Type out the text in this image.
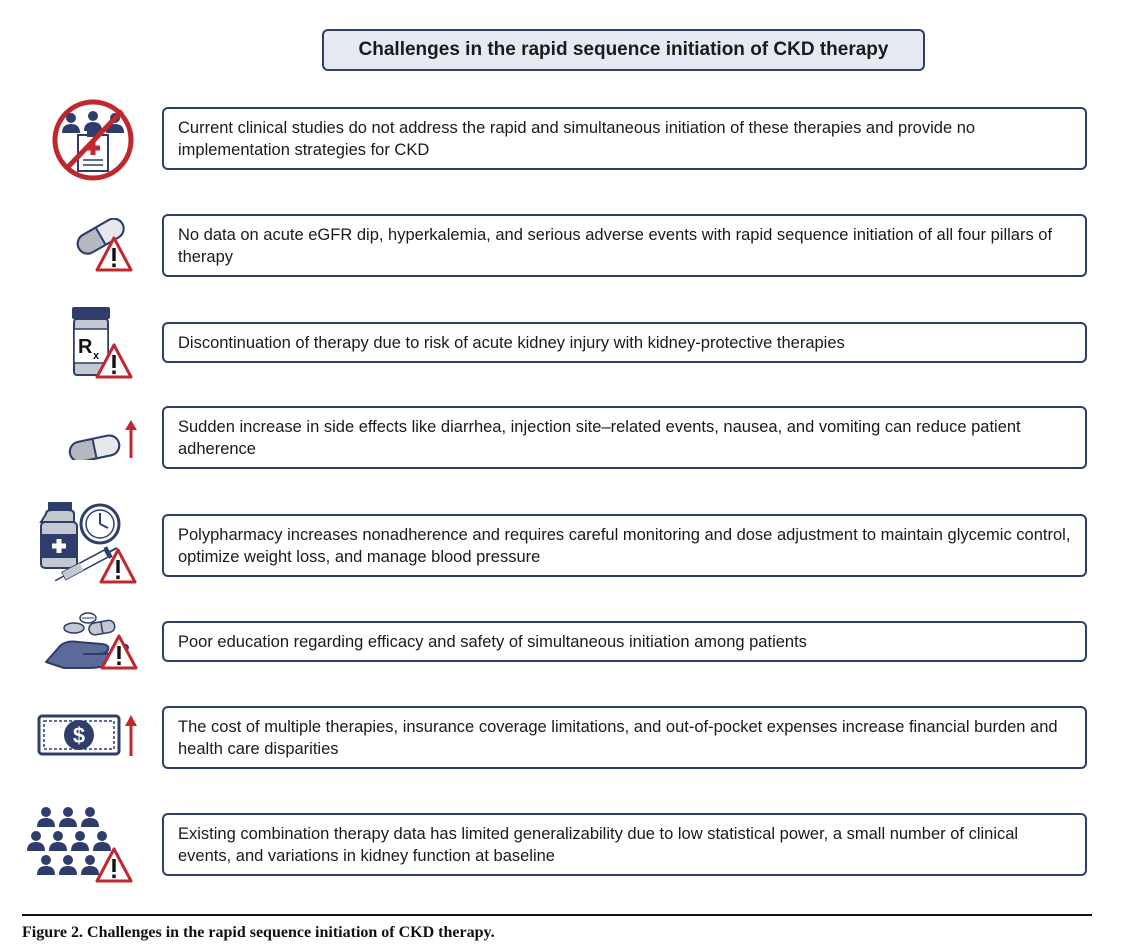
Challenges in the rapid sequence initiation of CKD therapy
Current clinical studies do not address the rapid and simultaneous initiation of these therapies and provide no implementation strategies for CKD
No data on acute eGFR dip, hyperkalemia, and serious adverse events with rapid sequence initiation of all four pillars of therapy
R x
Discontinuation of therapy due to risk of acute kidney injury with kidney-protective therapies
Sudden increase in side effects like diarrhea, injection site–related events, nausea, and vomiting can reduce patient adherence
Polypharmacy increases nonadherence and requires careful monitoring and dose adjustment to maintain glycemic control, optimize weight loss, and manage blood pressure
Poor education regarding efficacy and safety of simultaneous initiation among patients
$	The cost of multiple therapies, insurance coverage limitations, and out-of-pocket expenses increase financial burden and health care disparities
Existing combination therapy data has limited generalizability due to low statistical power, a small number of clinical events, and variations in kidney function at baseline
Figure 2. Challenges in the rapid sequence initiation of CKD therapy.
